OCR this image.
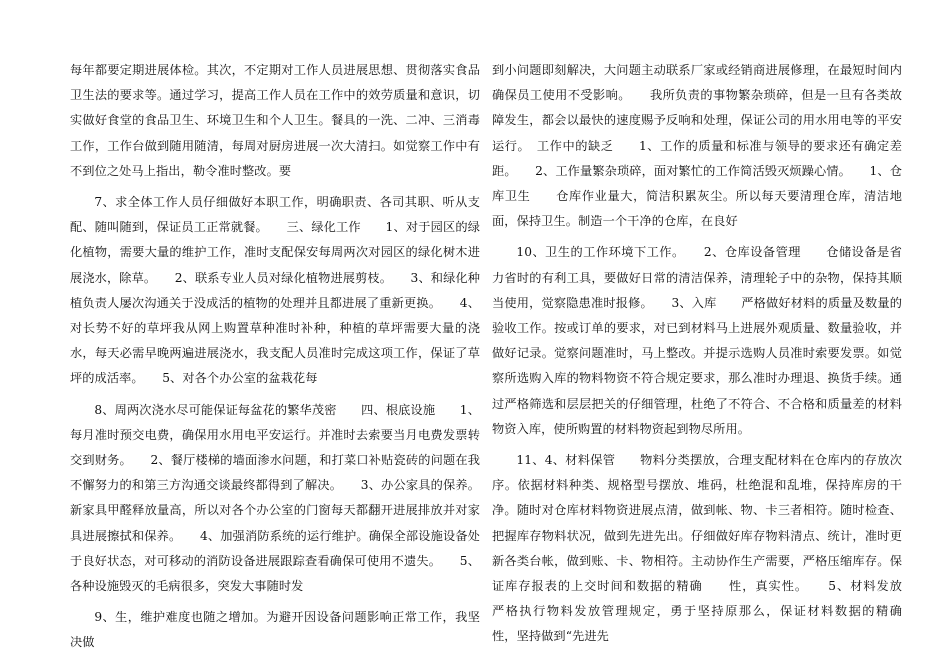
每年都要定期进展体检。其次，不定期对工作人员进展思想、贯彻落实食品卫生法的要求等。通过学习，提高工作人员在工作中的效劳质量和意识，切实做好食堂的食品卫生、环境卫生和个人卫生。餐具的一洗、二冲、三消毒工作，工作台做到随用随清，每周对厨房进展一次大清扫。如觉察工作中有不到位之处马上指出，勒令准时整改。要

7、求全体工作人员仔细做好本职工作，明确职责、各司其职、听从支配、随叫随到，保证员工正常就餐。　　三、绿化工作　　1、对于园区的绿化植物，需要大量的维护工作，准时支配保安每周两次对园区的绿化树木进展浇水，除草。　　2、联系专业人员对绿化植物进展剪枝。　　3、和绿化种植负责人屡次沟通关于没成活的植物的处理并且都进展了重新更换。　　4、对长势不好的草坪我从网上购置草种准时补种，种植的草坪需要大量的浇水，每天必需早晚两遍进展浇水，我支配人员准时完成这项工作，保证了草坪的成活率。　　5、对各个办公室的盆栽花每

8、周两次浇水尽可能保证每盆花的繁华茂密　　四、根底设施　　1、每月准时预交电费，确保用水用电平安运行。并准时去索要当月电费发票转交到财务。　　2、餐厅楼梯的墙面渗水问题，和打菜口补贴瓷砖的问题在我不懈努力的和第三方沟通交谈最终都得到了解决。　　3、办公家具的保养。新家具甲醛释放量高，所以对各个办公室的门窗每天都翻开进展排放并对家具进展擦拭和保养。　　4、加强消防系统的运行维护。确保全部设施设备处于良好状态，对可移动的消防设备进展跟踪查看确保可使用不遗失。　　5、各种设施毁灭的毛病很多，突发大事随时发

9、生，维护难度也随之增加。为避开因设备问题影响正常工作，我坚决做

到小问题即刻解决，大问题主动联系厂家或经销商进展修理，在最短时间内确保员工使用不受影响。　　我所负责的事物繁杂琐碎，但是一旦有各类故障发生，都会以最快的速度赐予反响和处理，保证公司的用水用电等的平安运行。　工作中的缺乏　　1、工作的质量和标准与领导的要求还有确定差距。　　2、工作量繁杂琐碎，面对繁忙的工作简活毁灭烦躁心情。　　1、仓库卫生　　仓库作业量大，简洁积累灰尘。所以每天要清理仓库，清洁地面，保持卫生。制造一个干净的仓库，在良好

10、卫生的工作环境下工作。　　2、仓库设备管理　　仓储设备是省力省时的有利工具，要做好日常的清洁保养，清理轮子中的杂物，保持其顺当使用，觉察隐患准时报修。　　3、入库　　严格做好材料的质量及数量的验收工作。按或订单的要求，对已到材料马上进展外观质量、数量验收，并做好记录。觉察问题准时，马上整改。并提示选购人员准时索要发票。如觉察所选购入库的物料物资不符合规定要求，那么准时办理退、换货手续。通过严格筛选和层层把关的仔细管理，杜绝了不符合、不合格和质量差的材料物资入库，使所购置的材料物资起到物尽所用。

11、4、材料保管　　物料分类摆放，合理支配材料在仓库内的存放次序。依据材料种类、规格型号摆放、堆码，杜绝混和乱堆，保持库房的干净。随时对仓库材料物资进展点清，做到帐、物、卡三者相符。随时检查、把握库存物料状况，做到先进先出。仔细做好库存物料清点、统计，准时更新各类台帐，做到账、卡、物相符。主动协作生产需要，严格压缩库存。保证库存报表的上交时间和数据的精确　　性，真实性。　　5、材料发放　　严格执行物料发放管理规定，勇于坚持原那么，保证材料数据的精确　　性，坚持做到“先进先
